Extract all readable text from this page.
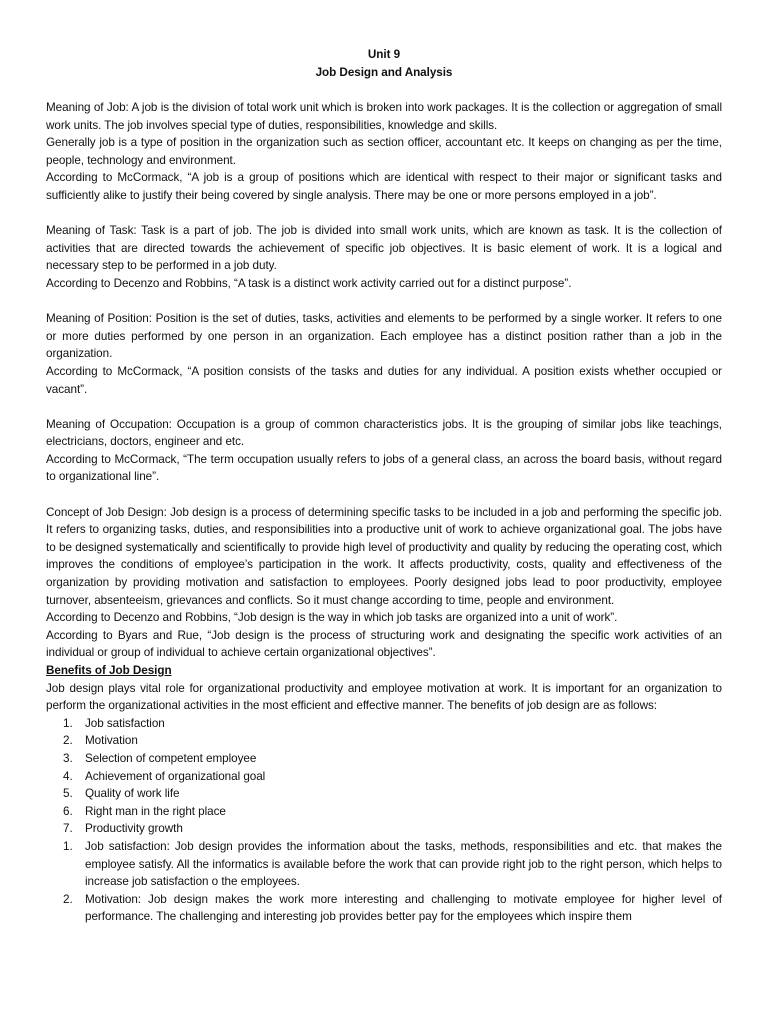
Unit 9
Job Design and Analysis

Meaning of Job: A job is the division of total work unit which is broken into work packages. It is the collection or aggregation of small work units. The job involves special type of duties, responsibilities, knowledge and skills.

Generally job is a type of position in the organization such as section officer, accountant etc. It keeps on changing as per the time, people, technology and environment.

According to McCormack, “A job is a group of positions which are identical with respect to their major or significant tasks and sufficiently alike to justify their being covered by single analysis. There may be one or more persons employed in a job”.

Meaning of Task: Task is a part of job. The job is divided into small work units, which are known as task. It is the collection of activities that are directed towards the achievement of specific job objectives. It is basic element of work. It is a logical and necessary step to be performed in a job duty.

According to Decenzo and Robbins, “A task is a distinct work activity carried out for a distinct purpose”.

Meaning of Position: Position is the set of duties, tasks, activities and elements to be performed by a single worker. It refers to one or more duties performed by one person in an organization. Each employee has a distinct position rather than a job in the organization.

According to McCormack, “A position consists of the tasks and duties for any individual. A position exists whether occupied or vacant”.

Meaning of Occupation: Occupation is a group of common characteristics jobs. It is the grouping of similar jobs like teachings, electricians, doctors, engineer and etc.

According to McCormack, “The term occupation usually refers to jobs of a general class, an across the board basis, without regard to organizational line”.

Concept of Job Design: Job design is a process of determining specific tasks to be included in a job and performing the specific job. It refers to organizing tasks, duties, and responsibilities into a productive unit of work to achieve organizational goal. The jobs have to be designed systematically and scientifically to provide high level of productivity and quality by reducing the operating cost, which improves the conditions of employee’s participation in the work. It affects productivity, costs, quality and effectiveness of the organization by providing motivation and satisfaction to employees. Poorly designed jobs lead to poor productivity, employee turnover, absenteeism, grievances and conflicts. So it must change according to time, people and environment.

According to Decenzo and Robbins, “Job design is the way in which job tasks are organized into a unit of work”.

According to Byars and Rue, “Job design is the process of structuring work and designating the specific work activities of an individual or group of individual to achieve certain organizational objectives”.

Benefits of Job Design

Job design plays vital role for organizational productivity and employee motivation at work. It is important for an organization to perform the organizational activities in the most efficient and effective manner. The benefits of job design are as follows:

1.	Job satisfaction
2.	Motivation
3.	Selection of competent employee
4.	Achievement of organizational goal
5.	Quality of work life
6.	Right man in the right place
7.	Productivity growth
1.	Job satisfaction: Job design provides the information about the tasks, methods, responsibilities and etc. that makes the employee satisfy. All the informatics is available before the work that can provide right job to the right person, which helps to increase job satisfaction o the employees.
2.	Motivation: Job design makes the work more interesting and challenging to motivate employee for higher level of performance. The challenging and interesting job provides better pay for the employees which inspire them
